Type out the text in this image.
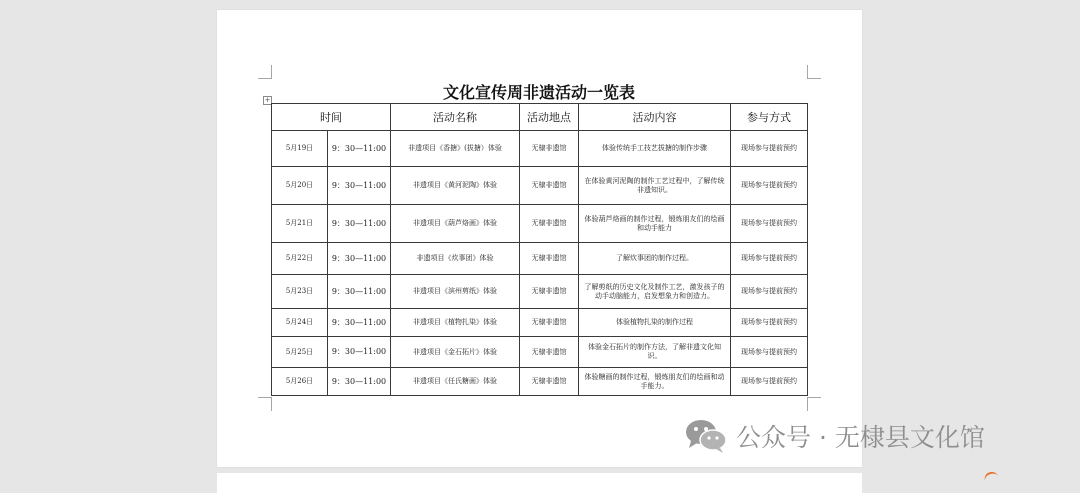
+	文化宣传周非遗活动一览表
时间		活动名称	活动地点	活动内容	参与方式
5月19日	9：30—11:00	非遗项目《香搪》(拔搪）体验	无棣非遗馆	体验传统手工技艺拔搪的制作步骤	现场参与提前预约
5月20日	9：30—11:00	非遗项目《黄河泥陶》体验	无棣非遗馆	在体验黄河泥陶的制作工艺过程中，了解传统非遗知识。	现场参与提前预约
5月21日	9：30—11:00	非遗项目《葫芦烙画》体验	无棣非遗馆	体验葫芦烙画的制作过程，锻炼朋友们的绘画和动手能力	现场参与提前预约
5月22日	9：30—11:00	非遗项目《炊事团》体验	无棣非遗馆	了解炊事团的制作过程。	现场参与提前预约
5月23日	9：30—11:00	非遗项目《滨州剪纸》体验	无棣非遗馆	了解剪纸的历史文化及制作工艺，激发孩子的动手动脑能力，启发想象力和创造力。	现场参与提前预约
5月24日	9：30—11:00	非遗项目《植物扎染》体验	无棣非遗馆	体验植物扎染的制作过程	现场参与提前预约
5月25日	9：30—11:00	非遗项目《金石拓片》体验	无棣非遗馆	体验金石拓片的制作方法，了解非遗文化知识。	现场参与提前预约
5月26日	9：30—11:00	非遗项目《任氏糖画》体验	无棣非遗馆	体验糖画的制作过程，锻炼朋友们的绘画和动手能力。	现场参与提前预约
公众号 · 无棣县文化馆
